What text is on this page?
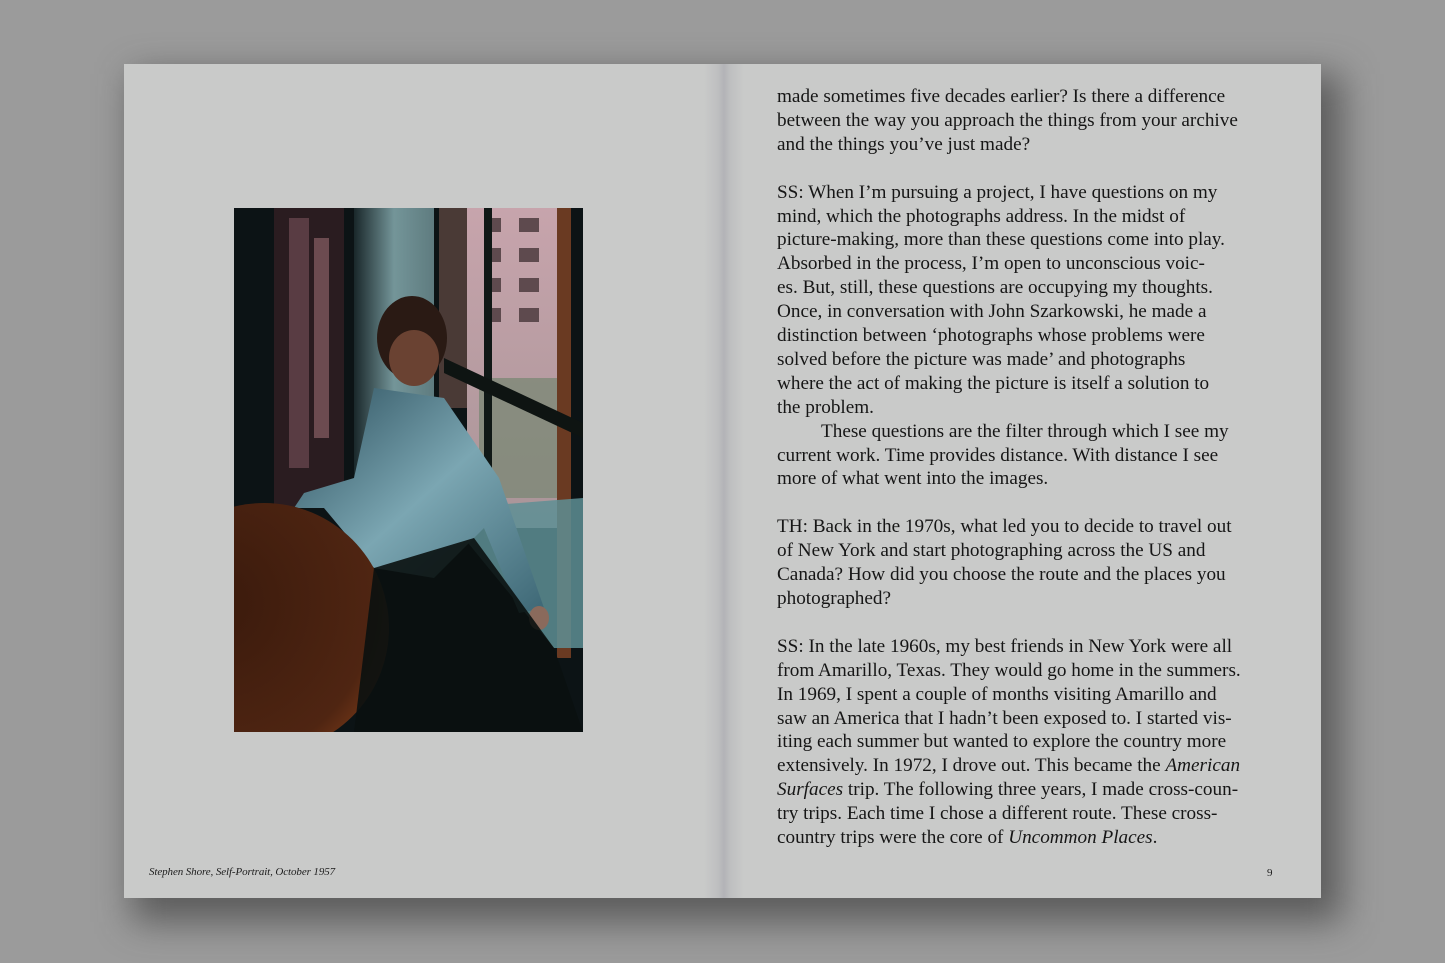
Stephen Shore, Self-Portrait, October 1957

made sometimes five decades earlier? Is there a difference
between the way you approach the things from your archive
and the things you’ve just made?

SS: When I’m pursuing a project, I have questions on my
mind, which the photographs address. In the midst of
picture-making, more than these questions come into play.
Absorbed in the process, I’m open to unconscious voic-
es. But, still, these questions are occupying my thoughts.
Once, in conversation with John Szarkowski, he made a
distinction between ‘photographs whose problems were
solved before the picture was made’ and photographs
where the act of making the picture is itself a solution to
the problem.

These questions are the filter through which I see my
current work. Time provides distance. With distance I see
more of what went into the images.

TH: Back in the 1970s, what led you to decide to travel out
of New York and start photographing across the US and
Canada? How did you choose the route and the places you
photographed?

SS: In the late 1960s, my best friends in New York were all
from Amarillo, Texas. They would go home in the summers.
In 1969, I spent a couple of months visiting Amarillo and
saw an America that I hadn’t been exposed to. I started vis-
iting each summer but wanted to explore the country more
extensively. In 1972, I drove out. This became the American
Surfaces trip. The following three years, I made cross-coun-
try trips. Each time I chose a different route. These cross-
country trips were the core of Uncommon Places.

9
